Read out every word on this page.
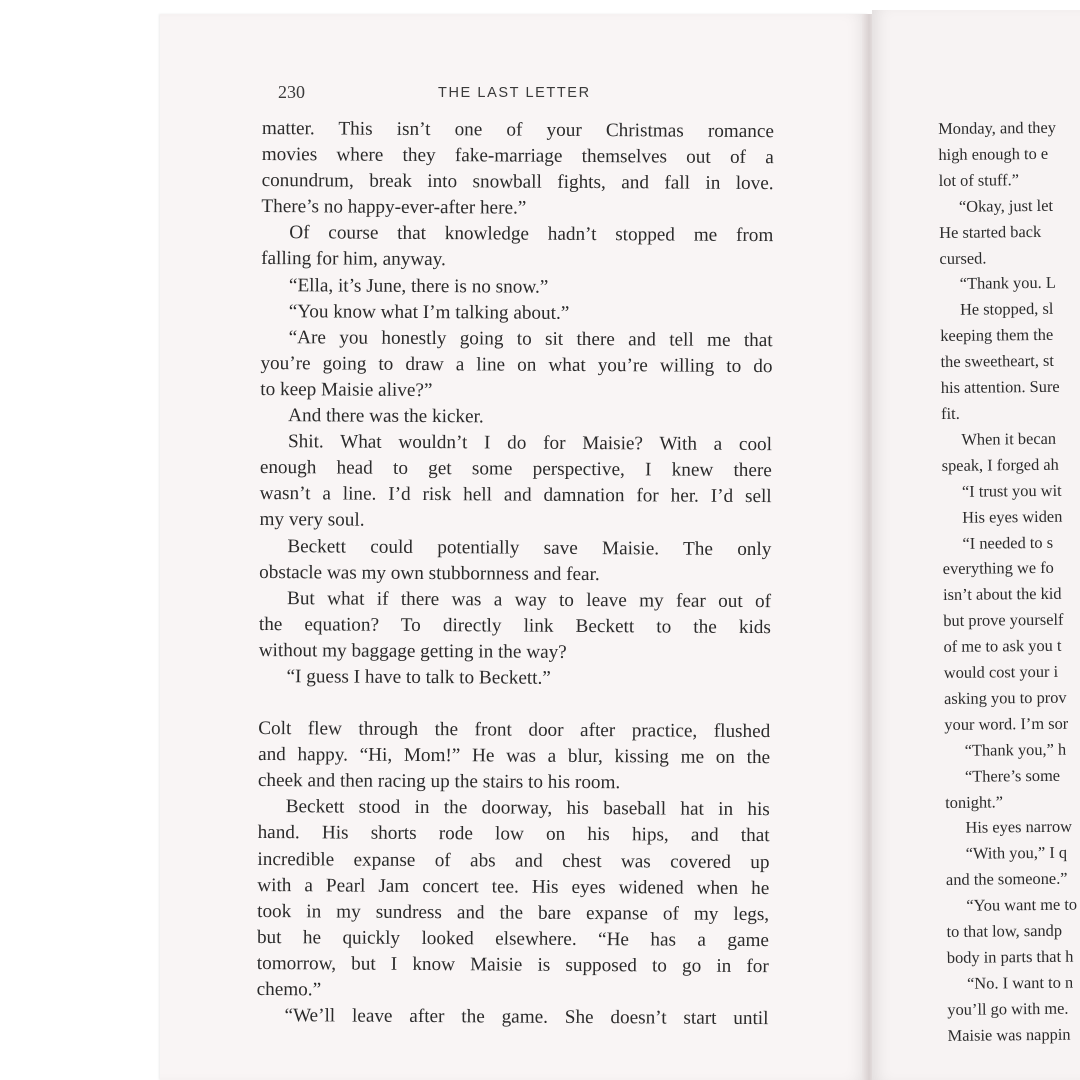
230	THE LAST LETTER
matter. This isn’t one of your Christmas romance
movies where they fake-marriage themselves out of a
conundrum, break into snowball fights, and fall in love.
There’s no happy-ever-after here.”
Of course that knowledge hadn’t stopped me from
falling for him, anyway.
“Ella, it’s June, there is no snow.”
“You know what I’m talking about.”
“Are you honestly going to sit there and tell me that
you’re going to draw a line on what you’re willing to do
to keep Maisie alive?”
And there was the kicker.
Shit. What wouldn’t I do for Maisie? With a cool
enough head to get some perspective, I knew there
wasn’t a line. I’d risk hell and damnation for her. I’d sell
my very soul.
Beckett could potentially save Maisie. The only
obstacle was my own stubbornness and fear.
But what if there was a way to leave my fear out of
the equation? To directly link Beckett to the kids
without my baggage getting in the way?
“I guess I have to talk to Beckett.”
Colt flew through the front door after practice, flushed
and happy. “Hi, Mom!” He was a blur, kissing me on the
cheek and then racing up the stairs to his room.
Beckett stood in the doorway, his baseball hat in his
hand. His shorts rode low on his hips, and that
incredible expanse of abs and chest was covered up
with a Pearl Jam concert tee. His eyes widened when he
took in my sundress and the bare expanse of my legs,
but he quickly looked elsewhere. “He has a game
tomorrow, but I know Maisie is supposed to go in for
chemo.”
“We’ll leave after the game. She doesn’t start until
Monday, and they
high enough to e
lot of stuff.”
“Okay, just let
He started back
cursed.
“Thank you. L
He stopped, sl
keeping them the
the sweetheart, st
his attention. Sure
fit.
When it becan
speak, I forged ah
“I trust you wit
His eyes widen
“I needed to s
everything we fo
isn’t about the kid
but prove yourself
of me to ask you t
would cost your i
asking you to prov
your word. I’m sor
“Thank you,” h
“There’s some
tonight.”
His eyes narrow
“With you,” I q
and the someone.”
“You want me to
to that low, sandp
body in parts that h
“No. I want to n
you’ll go with me.
Maisie was nappin
